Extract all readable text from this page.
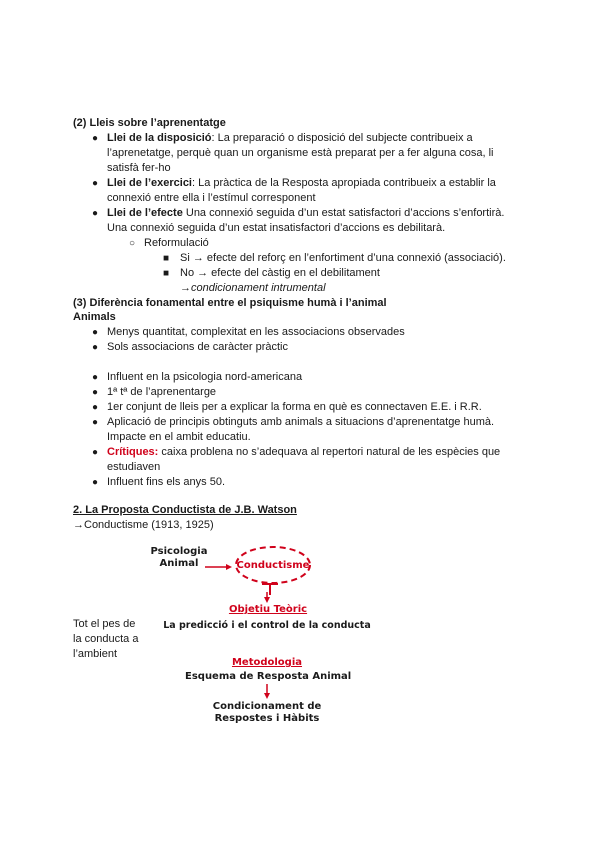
(2) Lleis sobre l’aprenentatge
● Llei de la disposició: La preparació o disposició del subjecte contribueix a
l’aprenetatge, perquè quan un organisme està preparat per a fer alguna cosa, li
satisfà fer-ho
● Llei de l’exercici: La pràctica de la Resposta apropiada contribueix a establir la
connexió entre ella i l’estímul corresponent
● Llei de l’efecte Una connexió seguida d’un estat satisfactori d’accions s’enfortirà.
Una connexió seguida d’un estat insatisfactori d’accions es debilitarà.
○ Reformulació
■ Si → efecte del reforç en l’enfortiment d’una connexió (associació).
■ No → efecte del càstig en el debilitament
→condicionament intrumental
(3) Diferència fonamental entre el psiquisme humà i l’animal
Animals
● Menys quantitat, complexitat en les associacions observades
● Sols associacions de caràcter pràctic
● Influent en la psicologia nord-americana
● 1ª tª de l’aprenentarge
● 1er conjunt de lleis per a explicar la forma en què es connectaven E.E. i R.R.
● Aplicació de principis obtinguts amb animals a situacions d’aprenentatge humà.
Impacte en el ambit educatiu.
● Crítiques: caixa problena no s’adequava al repertori natural de les espècies que
estudiaven
● Influent fins els anys 50.
2. La Proposta Conductista de J.B. Watson
→Conductisme (1913, 1925)
Tot el pes de
la conducta a
l’ambient
Psicologia
Animal	Conductisme
Objetiu Teòric
La predicció i el control de la conducta
Metodologia
Esquema de Resposta Animal
Condicionament de
Respostes i Hàbits
